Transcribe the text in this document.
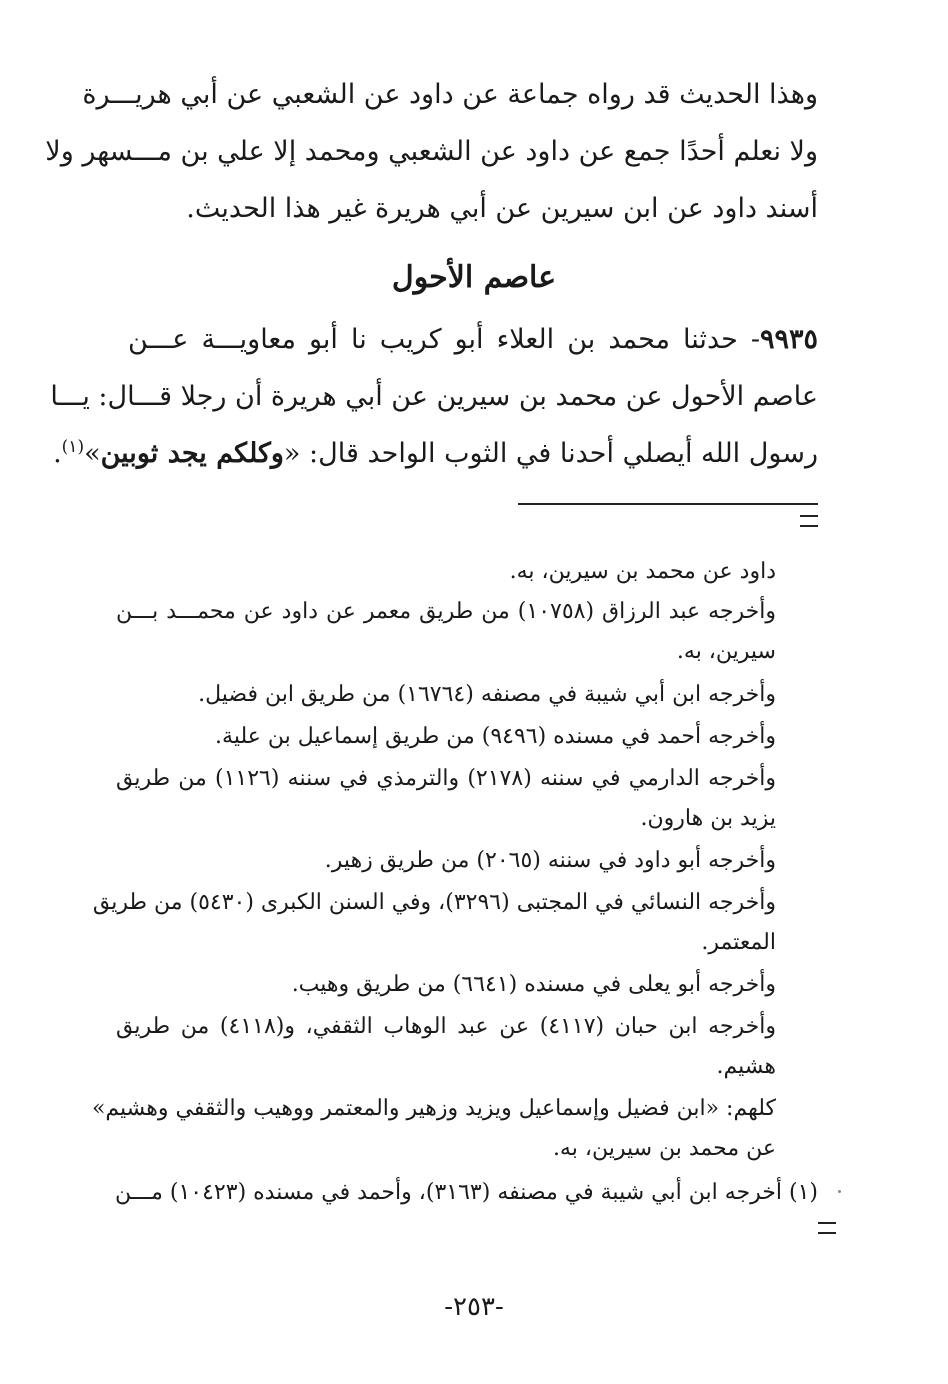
وهذا الحديث قد رواه جماعة عن داود عن الشعبي عن أبي هريـــرة
ولا نعلم أحدًا جمع عن داود عن الشعبي ومحمد إلا علي بن مـــسهر ولا
أسند داود عن ابن سيرين عن أبي هريرة غير هذا الحديث.
عاصم الأحول
٩٩٣٥- حدثنا محمد بن العلاء أبو كريب نا أبو معاويـــة عـــن
عاصم الأحول عن محمد بن سيرين عن أبي هريرة أن رجلا قـــال: يـــا
رسول الله أيصلي أحدنا في الثوب الواحد قال: «وكلكم يجد ثوبين»$^{(١)}$.
داود عن محمد بن سيرين، به.
وأخرجه عبد الرزاق (١٠٧٥٨) من طريق معمر عن داود عن محمـــد بـــن
سيرين، به.
وأخرجه ابن أبي شيبة في مصنفه (١٦٧٦٤) من طريق ابن فضيل.
وأخرجه أحمد في مسنده (٩٤٩٦) من طريق إسماعيل بن علية.
وأخرجه الدارمي في سننه (٢١٧٨) والترمذي في سننه (١١٢٦) من طريق
يزيد بن هارون.
وأخرجه أبو داود في سننه (٢٠٦٥) من طريق زهير.
وأخرجه النسائي في المجتبى (٣٢٩٦)، وفي السنن الكبرى (٥٤٣٠) من طريق
المعتمر.
وأخرجه أبو يعلى في مسنده (٦٦٤١) من طريق وهيب.
وأخرجه ابن حبان (٤١١٧) عن عبد الوهاب الثقفي، و(٤١١٨) من طريق
هشيم.
كلهم: «ابن فضيل وإسماعيل ويزيد وزهير والمعتمر ووهيب والثقفي وهشيم»
عن محمد بن سيرين، به.
(١) أخرجه ابن أبي شيبة في مصنفه (٣١٦٣)، وأحمد في مسنده (١٠٤٢٣) مـــن
-٢٥٣-
